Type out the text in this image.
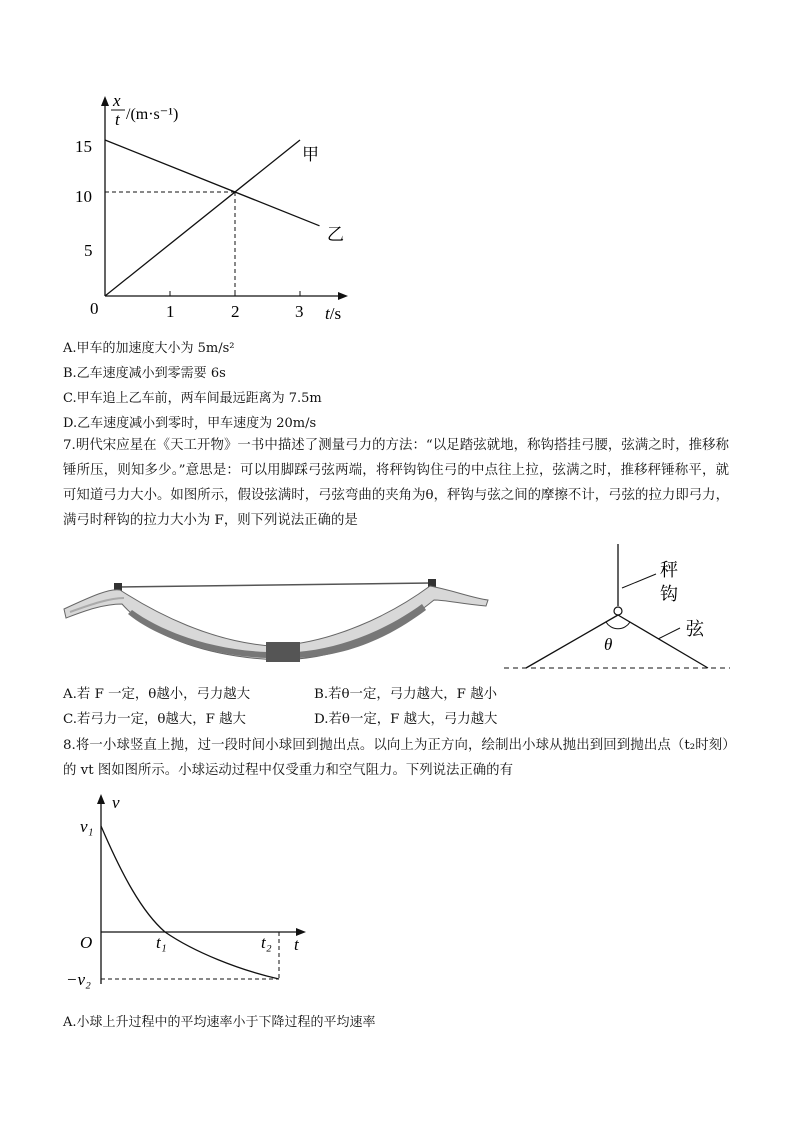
x
t /(m·s⁻¹)
0	1	2	3
5
10
15
t/s
甲
乙
A.甲车的加速度大小为 5m/s²
B.乙车速度减小到零需要 6s
C.甲车追上乙车前，两车间最远距离为 7.5m
D.乙车速度减小到零时，甲车速度为 20m/s
7.明代宋应星在《天工开物》一书中描述了测量弓力的方法：“以足踏弦就地，称钩搭挂弓腰，弦满之时，推移称锤所压，则知多少。”意思是：可以用脚踩弓弦两端，将秤钩钩住弓的中点往上拉，弦满之时，推移秤锤称平，就可知道弓力大小。如图所示，假设弦满时，弓弦弯曲的夹角为θ，秤钩与弦之间的摩擦不计，弓弦的拉力即弓力，满弓时秤钩的拉力大小为 F，则下列说法正确的是
秤
钩
弦
θ
A.若 F 一定，θ越小，弓力越大	B.若θ一定，弓力越大，F 越小
C.若弓力一定，θ越大，F 越大	D.若θ一定，F 越大，弓力越大
8.将一小球竖直上抛，过一段时间小球回到抛出点。以向上为正方向，绘制出小球从抛出到回到抛出点（t₂时刻）的 vt 图如图所示。小球运动过程中仅受重力和空气阻力。下列说法正确的有
v
t
O
v₁
t₁	t₂
−v₂
A.小球上升过程中的平均速率小于下降过程的平均速率
